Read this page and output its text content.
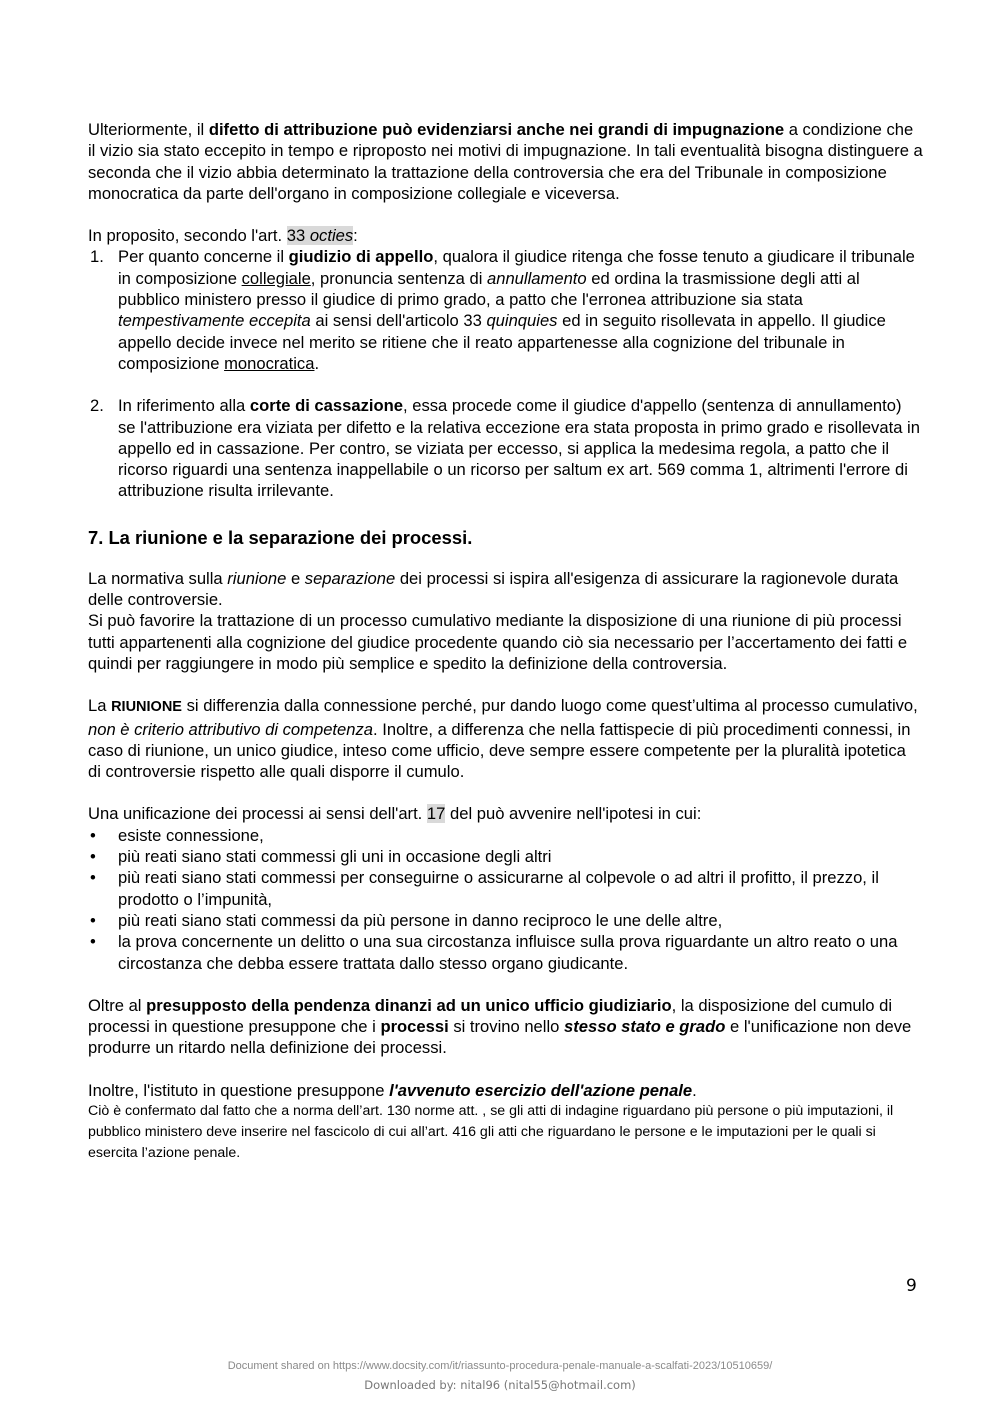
Ulteriormente, il difetto di attribuzione può evidenziarsi anche nei grandi di impugnazione a condizione che il vizio sia stato eccepito in tempo e riproposto nei motivi di impugnazione. In tali eventualità bisogna distinguere a seconda che il vizio abbia determinato la trattazione della controversia che era del Tribunale in composizione monocratica da parte dell'organo in composizione collegiale e viceversa.

In proposito, secondo l'art. 33 octies:

1. Per quanto concerne il giudizio di appello, qualora il giudice ritenga che fosse tenuto a giudicare il tribunale in composizione collegiale, pronuncia sentenza di annullamento ed ordina la trasmissione degli atti al pubblico ministero presso il giudice di primo grado, a patto che l'erronea attribuzione sia stata tempestivamente eccepita ai sensi dell'articolo 33 quinquies ed in seguito risollevata in appello. Il giudice appello decide invece nel merito se ritiene che il reato appartenesse alla cognizione del tribunale in composizione monocratica.
2. In riferimento alla corte di cassazione, essa procede come il giudice d'appello (sentenza di annullamento) se l'attribuzione era viziata per difetto e la relativa eccezione era stata proposta in primo grado e risollevata in appello ed in cassazione. Per contro, se viziata per eccesso, si applica la medesima regola, a patto che il ricorso riguardi una sentenza inappellabile o un ricorso per saltum ex art. 569 comma 1, altrimenti l'errore di attribuzione risulta irrilevante.
7. La riunione e la separazione dei processi.

La normativa sulla riunione e separazione dei processi si ispira all'esigenza di assicurare la ragionevole durata delle controversie.

Si può favorire la trattazione di un processo cumulativo mediante la disposizione di una riunione di più processi tutti appartenenti alla cognizione del giudice procedente quando ciò sia necessario per l’accertamento dei fatti e quindi per raggiungere in modo più semplice e spedito la definizione della controversia.

La RIUNIONE si differenzia dalla connessione perché, pur dando luogo come quest’ultima al processo cumulativo, non è criterio attributivo di competenza. Inoltre, a differenza che nella fattispecie di più procedimenti connessi, in caso di riunione, un unico giudice, inteso come ufficio, deve sempre essere competente per la pluralità ipotetica di controversie rispetto alle quali disporre il cumulo.

Una unificazione dei processi ai sensi dell'art. 17 del può avvenire nell'ipotesi in cui:

• esiste connessione,
• più reati siano stati commessi gli uni in occasione degli altri
• più reati siano stati commessi per conseguirne o assicurarne al colpevole o ad altri il profitto, il prezzo, il prodotto o l’impunità,
• più reati siano stati commessi da più persone in danno reciproco le une delle altre,
• la prova concernente un delitto o una sua circostanza influisce sulla prova riguardante un altro reato o una circostanza che debba essere trattata dallo stesso organo giudicante.

Oltre al presupposto della pendenza dinanzi ad un unico ufficio giudiziario, la disposizione del cumulo di processi in questione presuppone che i processi si trovino nello stesso stato e grado e l'unificazione non deve produrre un ritardo nella definizione dei processi.

Inoltre, l'istituto in questione presuppone l'avvenuto esercizio dell'azione penale.

Ciò è confermato dal fatto che a norma dell’art. 130 norme att. , se gli atti di indagine riguardano più persone o più imputazioni, il pubblico ministero deve inserire nel fascicolo di cui all’art. 416 gli atti che riguardano le persone e le imputazioni per le quali si esercita l’azione penale.

9
Document shared on https://www.docsity.com/it/riassunto-procedura-penale-manuale-a-scalfati-2023/10510659/
Downloaded by: nital96 (nital55@hotmail.com)
